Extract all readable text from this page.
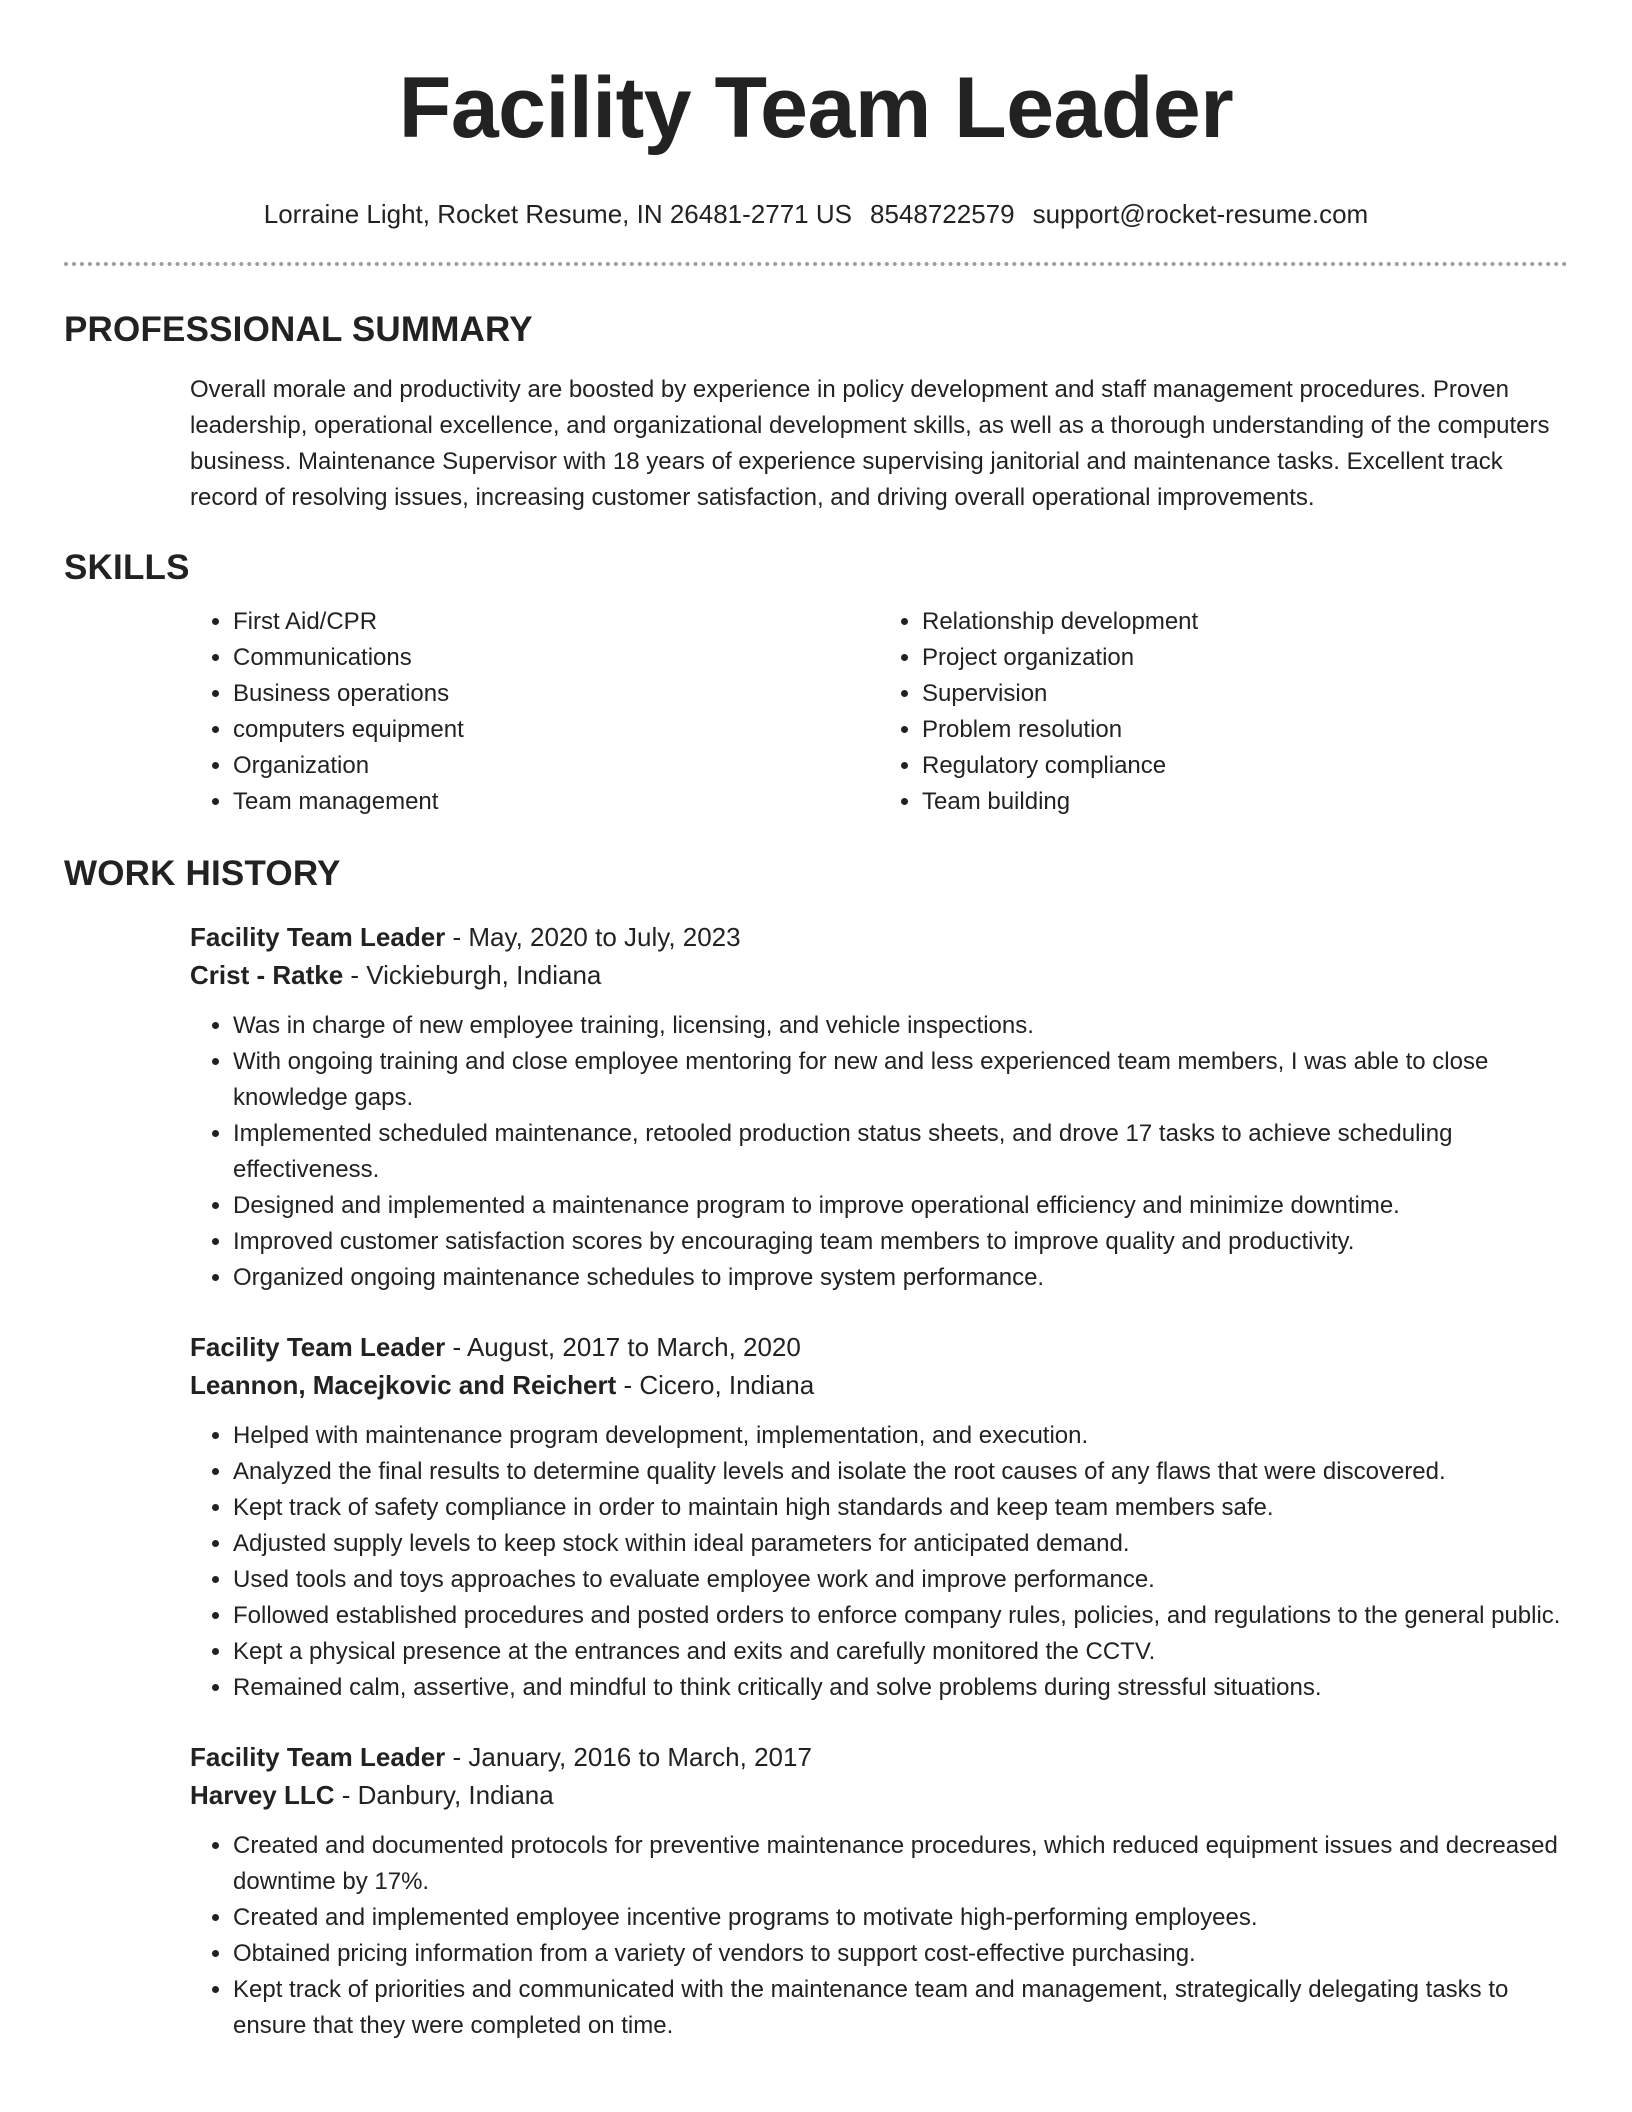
Facility Team Leader
Lorraine Light, Rocket Resume, IN 26481-2771 US 8548722579 support@rocket-resume.com
PROFESSIONAL SUMMARY

Overall morale and productivity are boosted by experience in policy development and staff management procedures. Proven leadership, operational excellence, and organizational development skills, as well as a thorough understanding of the computers business. Maintenance Supervisor with 18 years of experience supervising janitorial and maintenance tasks. Excellent track record of resolving issues, increasing customer satisfaction, and driving overall operational improvements.

SKILLS
• First Aid/CPR
• Communications
• Business operations
• computers equipment
• Organization
• Team management
• Relationship development
• Project organization
• Supervision
• Problem resolution
• Regulatory compliance
• Team building
WORK HISTORY
Facility Team Leader - May, 2020 to July, 2023
Crist - Ratke - Vickieburgh, Indiana
• Was in charge of new employee training, licensing, and vehicle inspections.
• With ongoing training and close employee mentoring for new and less experienced team members, I was able to close knowledge gaps.
• Implemented scheduled maintenance, retooled production status sheets, and drove 17 tasks to achieve scheduling effectiveness.
• Designed and implemented a maintenance program to improve operational efficiency and minimize downtime.
• Improved customer satisfaction scores by encouraging team members to improve quality and productivity.
• Organized ongoing maintenance schedules to improve system performance.
Facility Team Leader - August, 2017 to March, 2020
Leannon, Macejkovic and Reichert - Cicero, Indiana
• Helped with maintenance program development, implementation, and execution.
• Analyzed the final results to determine quality levels and isolate the root causes of any flaws that were discovered.
• Kept track of safety compliance in order to maintain high standards and keep team members safe.
• Adjusted supply levels to keep stock within ideal parameters for anticipated demand.
• Used tools and toys approaches to evaluate employee work and improve performance.
• Followed established procedures and posted orders to enforce company rules, policies, and regulations to the general public.
• Kept a physical presence at the entrances and exits and carefully monitored the CCTV.
• Remained calm, assertive, and mindful to think critically and solve problems during stressful situations.
Facility Team Leader - January, 2016 to March, 2017
Harvey LLC - Danbury, Indiana
• Created and documented protocols for preventive maintenance procedures, which reduced equipment issues and decreased downtime by 17%.
• Created and implemented employee incentive programs to motivate high-performing employees.
• Obtained pricing information from a variety of vendors to support cost-effective purchasing.
• Kept track of priorities and communicated with the maintenance team and management, strategically delegating tasks to ensure that they were completed on time.
